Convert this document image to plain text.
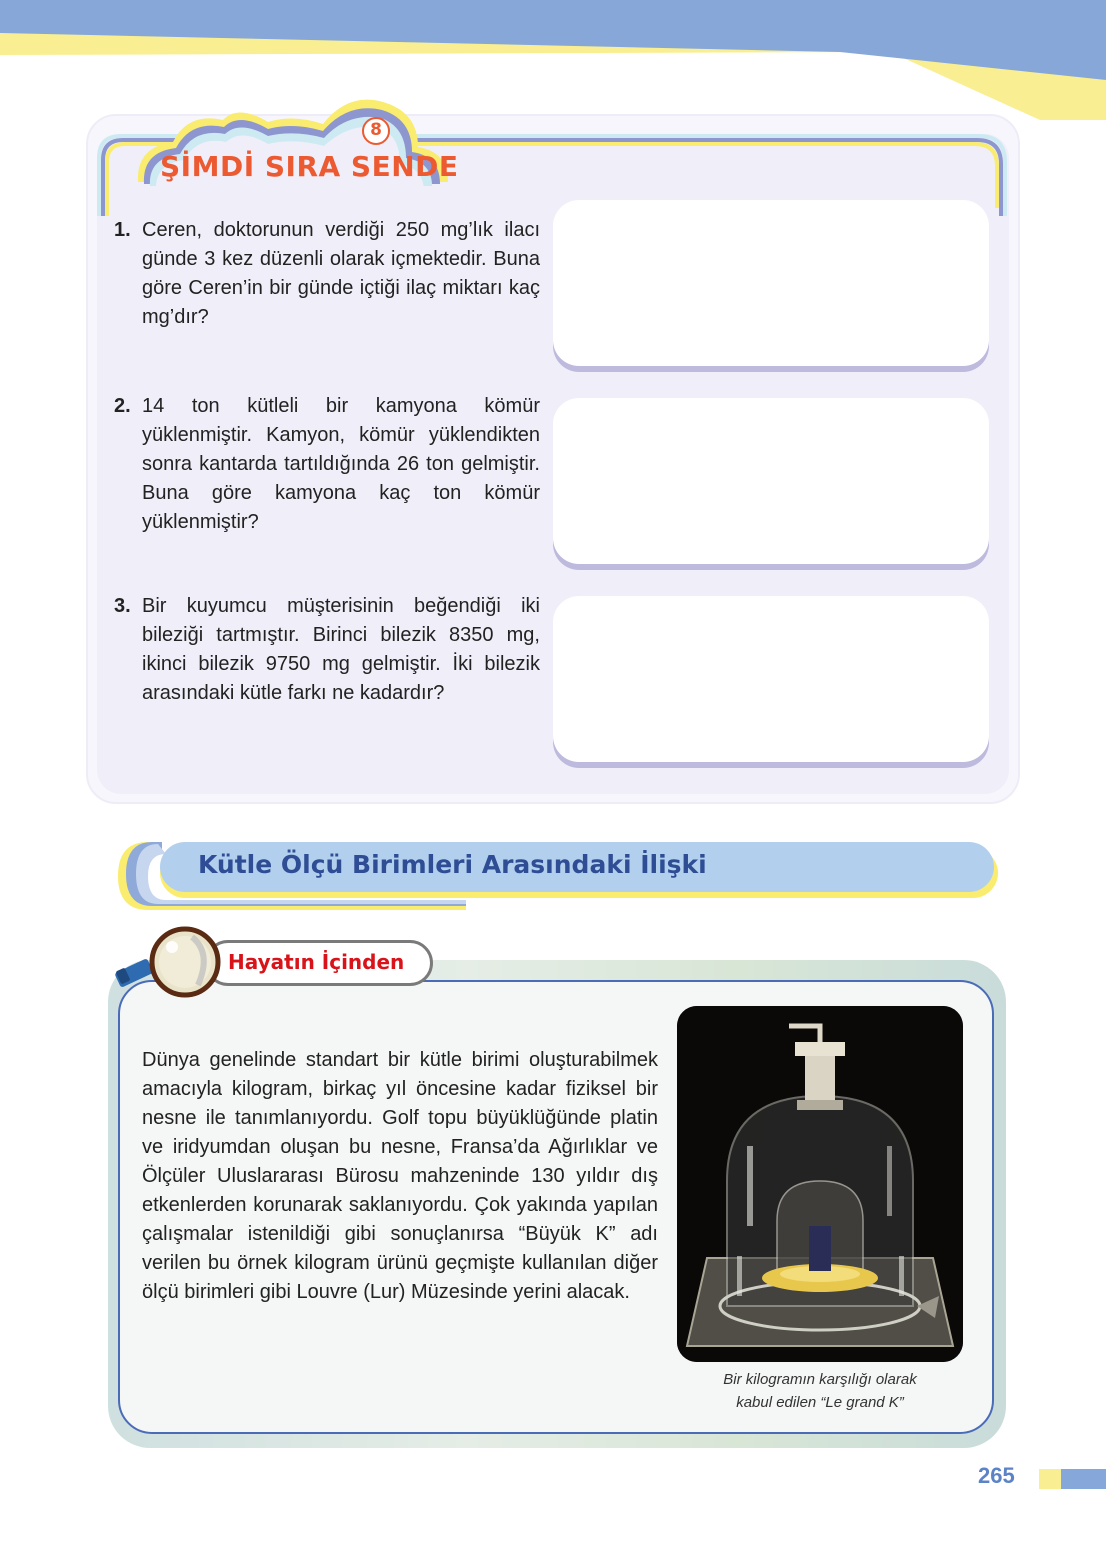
8
ŞİMDİ SIRA SENDE
1. Ceren, doktorunun verdiği 250 mg’lık ilacı günde 3 kez düzenli olarak içmektedir. Buna göre Ceren’in bir günde içtiği ilaç miktarı kaç mg’dır?
2. 14 ton kütleli bir kamyona kömür yüklenmiştir. Kamyon, kömür yüklendikten sonra kantarda tartıldığında 26 ton gelmiştir. Buna göre kamyona kaç ton kömür yüklenmiştir?
3. Bir kuyumcu müşterisinin beğendiği iki bileziği tartmıştır. Birinci bilezik 8350 mg, ikinci bilezik 9750 mg gelmiştir. İki bilezik arasındaki kütle farkı ne kadardır?
Kütle Ölçü Birimleri Arasındaki İlişki
Hayatın İçinden
Dünya genelinde standart bir kütle birimi oluşturabilmek amacıyla kilogram, birkaç yıl öncesine kadar fiziksel bir nesne ile tanımlanıyordu. Golf topu büyüklüğünde platin ve iridyumdan oluşan bu nesne, Fransa’da Ağırlıklar ve Ölçüler Uluslararası Bürosu mahzeninde 130 yıldır dış etkenlerden korunarak saklanıyordu. Çok yakında yapılan çalışmalar istenildiği gibi sonuçlanırsa “Büyük K” adı verilen bu örnek kilogram ürünü geçmişte kullanılan diğer ölçü birimleri gibi Louvre (Lur) Müzesinde yerini alacak.
Bir kilogramın karşılığı olarak
kabul edilen “Le grand K”
265
